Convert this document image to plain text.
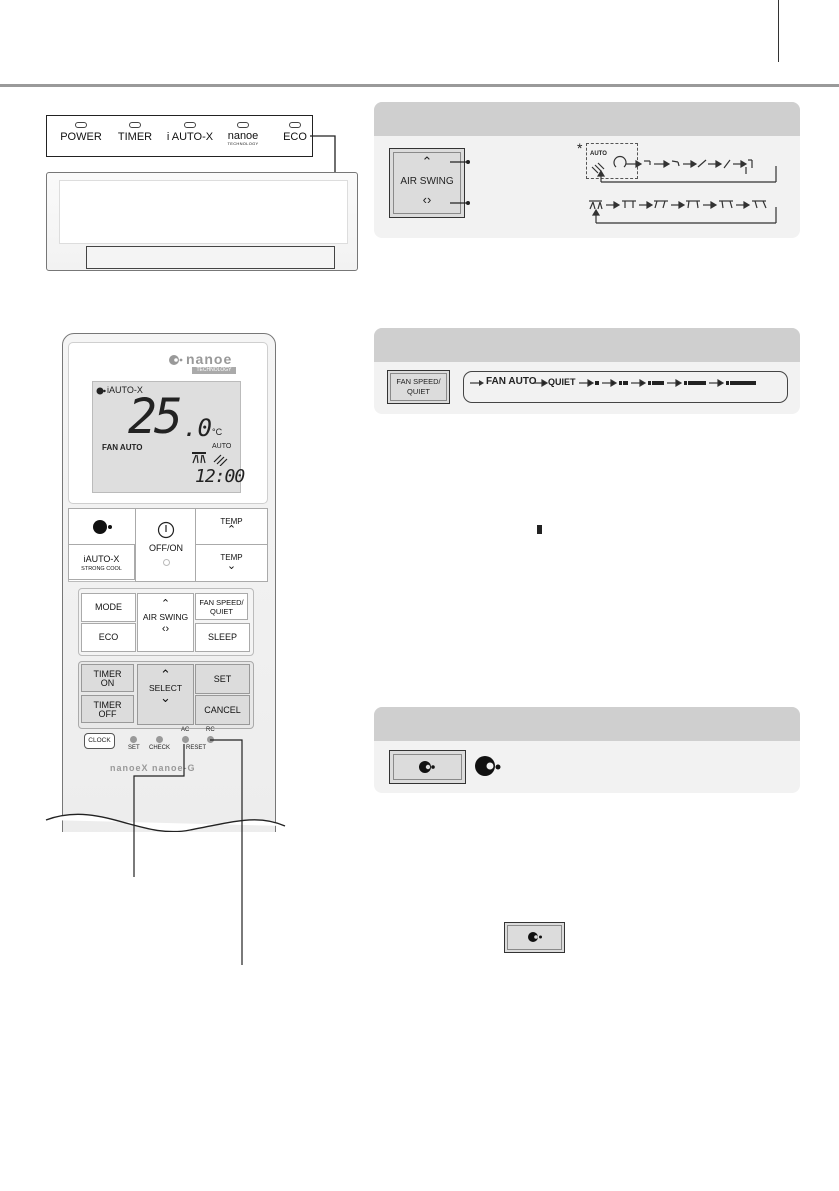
POWER	TIMER	i AUTO-X	nanoe
TECHNOLOGY
ECO
⌃
AIR SWING
‹›
* AUTO
FAN SPEED/
QUIET
FAN AUTO QUIET
nanoe
TECHNOLOGY
iAUTO-X
25 .0 °C
FAN AUTO	AUTO
12:00
iAUTO-X
STRONG COOL
OFF/ON
TEMP
⌃
TEMP
⌄
MODE
ECO
⌃
AIR SWING
‹›
FAN SPEED/
QUIET
SLEEP
TIMER
ON
TIMER
OFF
⌃
SELECT
⌄
SET
CANCEL
CLOCK
SET CHECK
AC
RESET
RC
nanoeX nanoe-G
